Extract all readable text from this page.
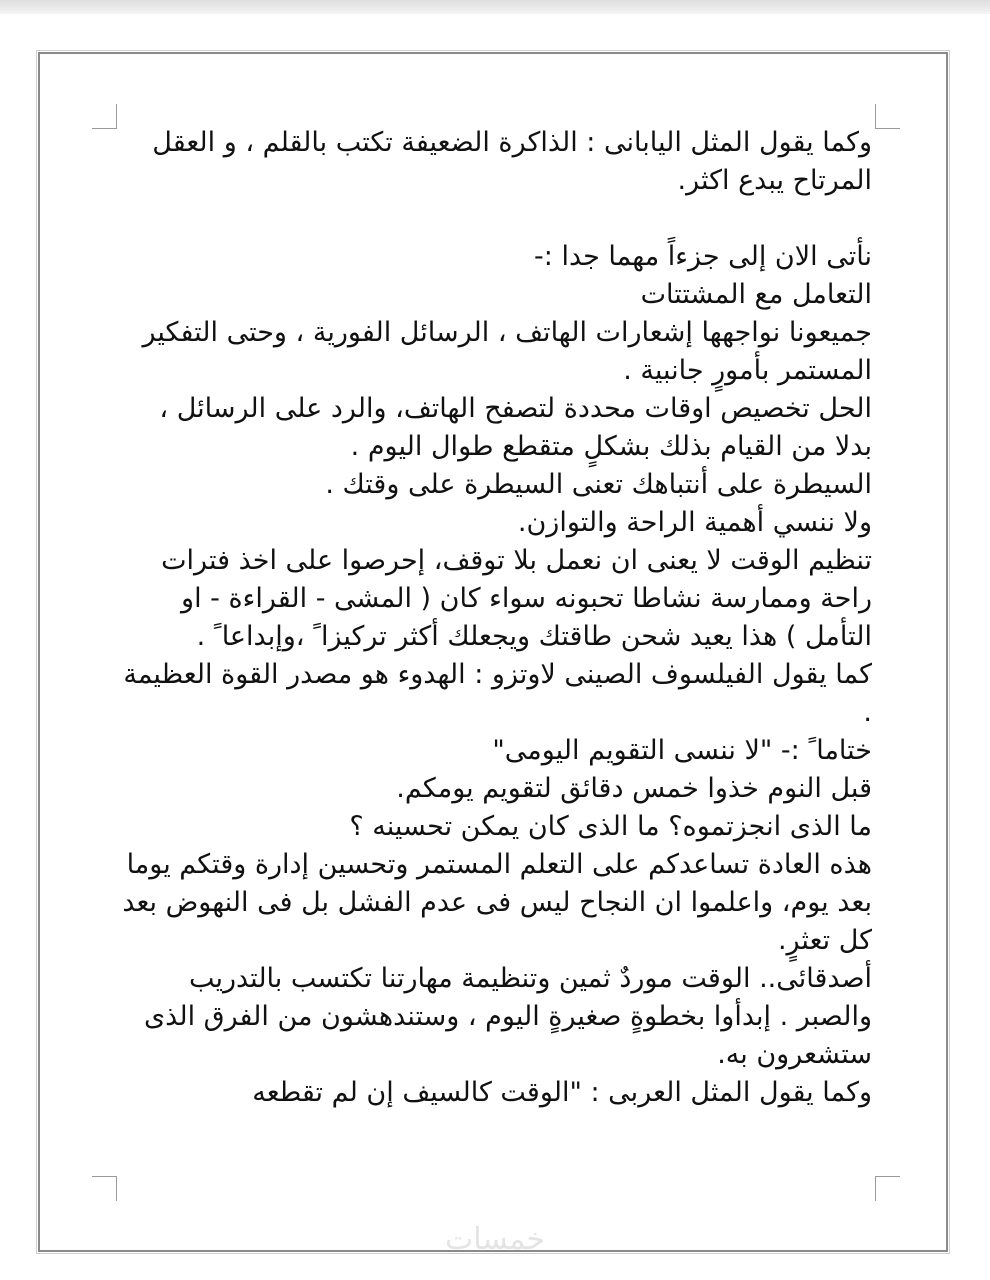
وكما يقول المثل اليابانى : الذاكرة الضعيفة تكتب بالقلم ، و العقل المرتاح يبدع اكثر.

نأتى الان إلى جزءاً مهما جدا :-

التعامل مع المشتتات

جميعونا نواجهها إشعارات الهاتف ، الرسائل الفورية ، وحتى التفكير المستمر بأمورٍ جانبية .

الحل تخصيص اوقات محددة لتصفح الهاتف، والرد على الرسائل ، بدلا من القيام بذلك بشكلٍ متقطع طوال اليوم .

السيطرة على أنتباهك تعنى السيطرة على وقتك .

ولا ننسي أهمية الراحة والتوازن.

تنظيم الوقت لا يعنى ان نعمل بلا توقف، إحرصوا على اخذ فترات راحة وممارسة نشاطا تحبونه سواء كان ( المشى - القراءة - او التأمل ) هذا يعيد شحن طاقتك ويجعلك أكثر تركيزا ً ،وإبداعا ً .

كما يقول الفيلسوف الصينى لاوتزو : الهدوء هو مصدر القوة العظيمة .

ختاما ً :- "لا ننسى التقويم اليومى"

قبل النوم خذوا خمس دقائق لتقويم يومكم.

ما الذى انجزتموه؟ ما الذى كان يمكن تحسينه ؟

هذه العادة تساعدكم على التعلم المستمر وتحسين إدارة وقتكم يوما بعد يوم، واعلموا ان النجاح ليس فى عدم الفشل بل فى النهوض بعد كل تعثرٍ.

أصدقائى.. الوقت موردٌ ثمين وتنظيمة مهارتنا تكتسب بالتدريب والصبر . إبدأوا بخطوةٍ صغيرةٍ اليوم ، وستندهشون من الفرق الذى ستشعرون به.

وكما يقول المثل العربى : "الوقت كالسيف إن لم تقطعه

خمسات
